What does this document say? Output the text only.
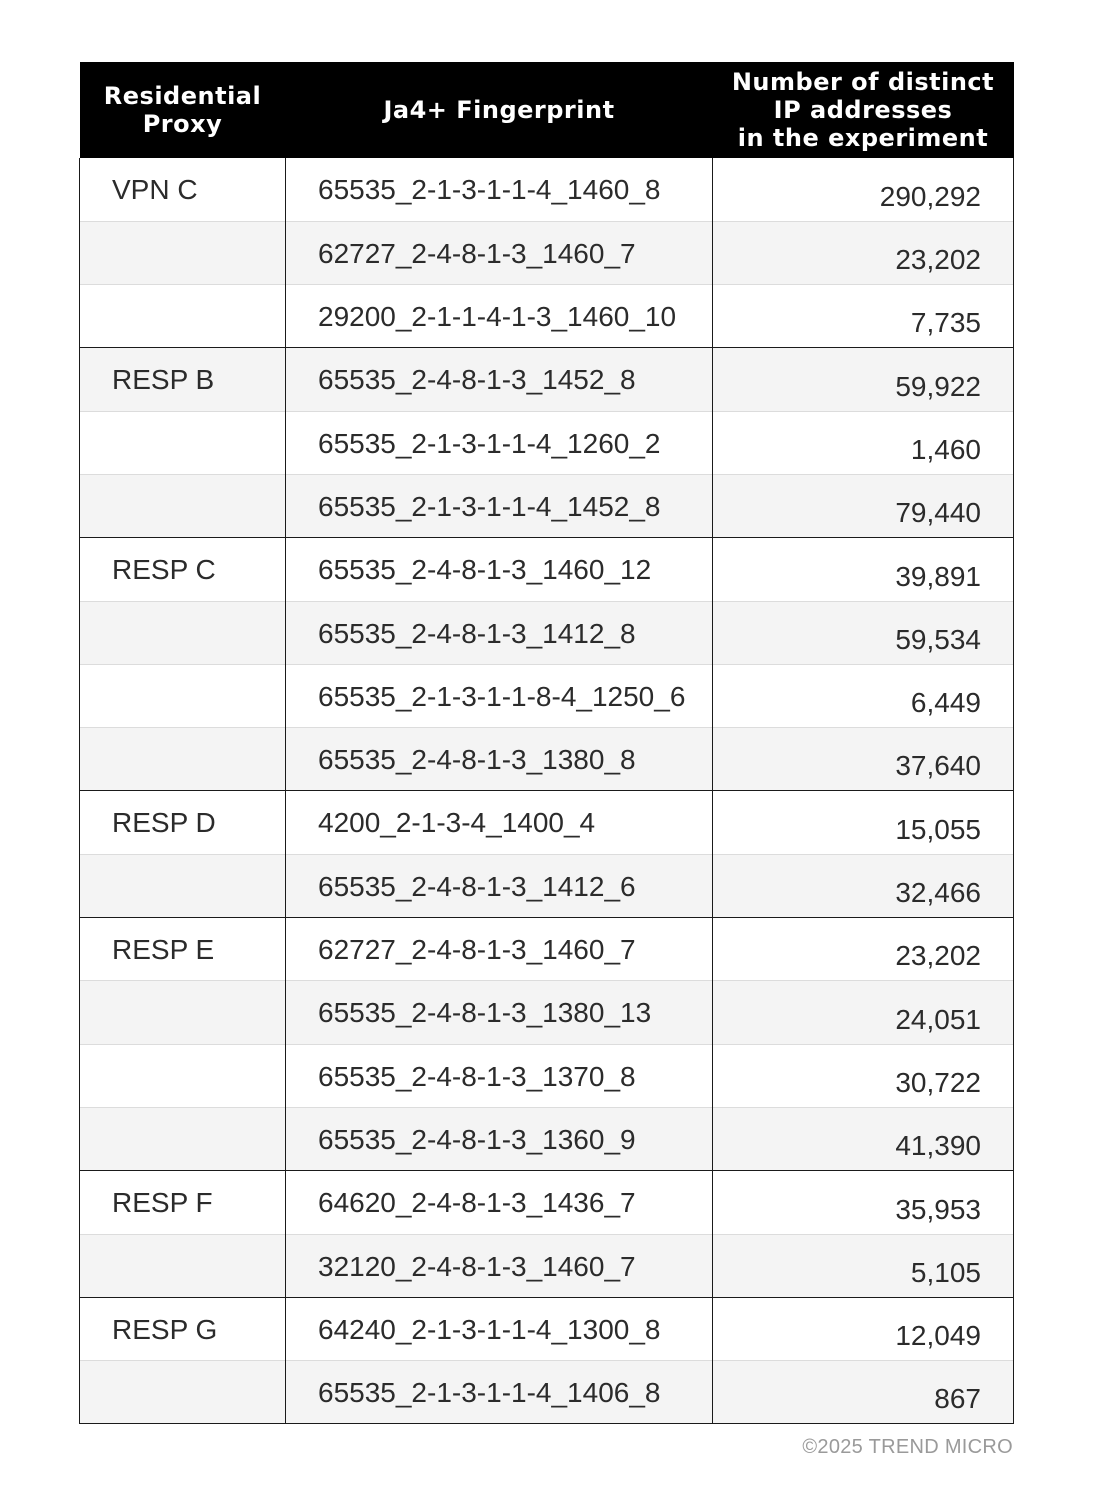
Residential
Proxy	Ja4+ Fingerprint	Number of distinct
IP addresses
in the experiment
VPN C	65535_2-1-3-1-1-4_1460_8	290,292
	62727_2-4-8-1-3_1460_7	23,202
	29200_2-1-1-4-1-3_1460_10	7,735
RESP B	65535_2-4-8-1-3_1452_8	59,922
	65535_2-1-3-1-1-4_1260_2	1,460
	65535_2-1-3-1-1-4_1452_8	79,440
RESP C	65535_2-4-8-1-3_1460_12	39,891
	65535_2-4-8-1-3_1412_8	59,534
	65535_2-1-3-1-1-8-4_1250_6	6,449
	65535_2-4-8-1-3_1380_8	37,640
RESP D	4200_2-1-3-4_1400_4	15,055
	65535_2-4-8-1-3_1412_6	32,466
RESP E	62727_2-4-8-1-3_1460_7	23,202
	65535_2-4-8-1-3_1380_13	24,051
	65535_2-4-8-1-3_1370_8	30,722
	65535_2-4-8-1-3_1360_9	41,390
RESP F	64620_2-4-8-1-3_1436_7	35,953
	32120_2-4-8-1-3_1460_7	5,105
RESP G	64240_2-1-3-1-1-4_1300_8	12,049
	65535_2-1-3-1-1-4_1406_8	867
©2025 TREND MICRO
